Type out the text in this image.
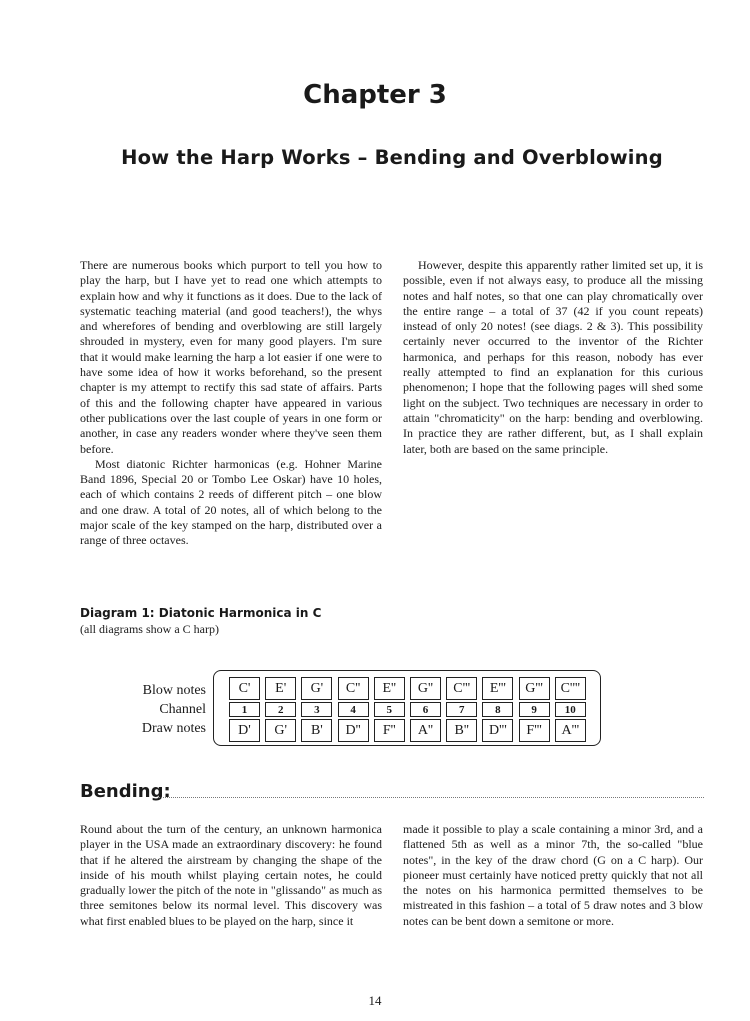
Chapter 3
How the Harp Works – Bending and Overblowing

There are numerous books which purport to tell you how to play the harp, but I have yet to read one which attempts to explain how and why it functions as it does. Due to the lack of systematic teaching material (and good teachers!), the whys and wherefores of bending and overblowing are still largely shrouded in mystery, even for many good players. I'm sure that it would make learning the harp a lot easier if one were to have some idea of how it works beforehand, so the present chapter is my attempt to rectify this sad state of affairs. Parts of this and the following chapter have appeared in various other publications over the last couple of years in one form or another, in case any readers wonder where they've seen them before.

Most diatonic Richter harmonicas (e.g. Hohner Marine Band 1896, Special 20 or Tombo Lee Oskar) have 10 holes, each of which contains 2 reeds of different pitch – one blow and one draw. A total of 20 notes, all of which belong to the major scale of the key stamped on the harp, distributed over a range of three octaves.

However, despite this apparently rather limited set up, it is possible, even if not always easy, to produce all the missing notes and half notes, so that one can play chromatically over the entire range – a total of 37 (42 if you count repeats) instead of only 20 notes! (see diags. 2 & 3). This possibility certainly never occurred to the inventor of the Richter harmonica, and perhaps for this reason, nobody has ever really attempted to find an explanation for this curious phenomenon; I hope that the following pages will shed some light on the subject. Two techniques are necessary in order to attain "chromaticity" on the harp: bending and overblowing. In practice they are rather different, but, as I shall explain later, both are based on the same principle.

Diagram 1: Diatonic Harmonica in C
(all diagrams show a C harp)
Blow notes
Channel
Draw notes
C'	E'	G'	C''	E''	G''	C'''	E'''	G'''	C''''
1	2	3	4	5	6	7	8	9	10
D'	G'	B'	D''	F''	A''	B''	D'''	F'''	A'''
Bending:

Round about the turn of the century, an unknown harmonica player in the USA made an extraordinary discovery: he found that if he altered the airstream by changing the shape of the inside of his mouth whilst playing certain notes, he could gradually lower the pitch of the note in "glissando" as much as three semitones below its normal level. This discovery was what first enabled blues to be played on the harp, since it

made it possible to play a scale containing a minor 3rd, and a flattened 5th as well as a minor 7th, the so-called "blue notes", in the key of the draw chord (G on a C harp). Our pioneer must certainly have noticed pretty quickly that not all the notes on his harmonica permitted themselves to be mistreated in this fashion – a total of 5 draw notes and 3 blow notes can be bent down a semitone or more.

14
